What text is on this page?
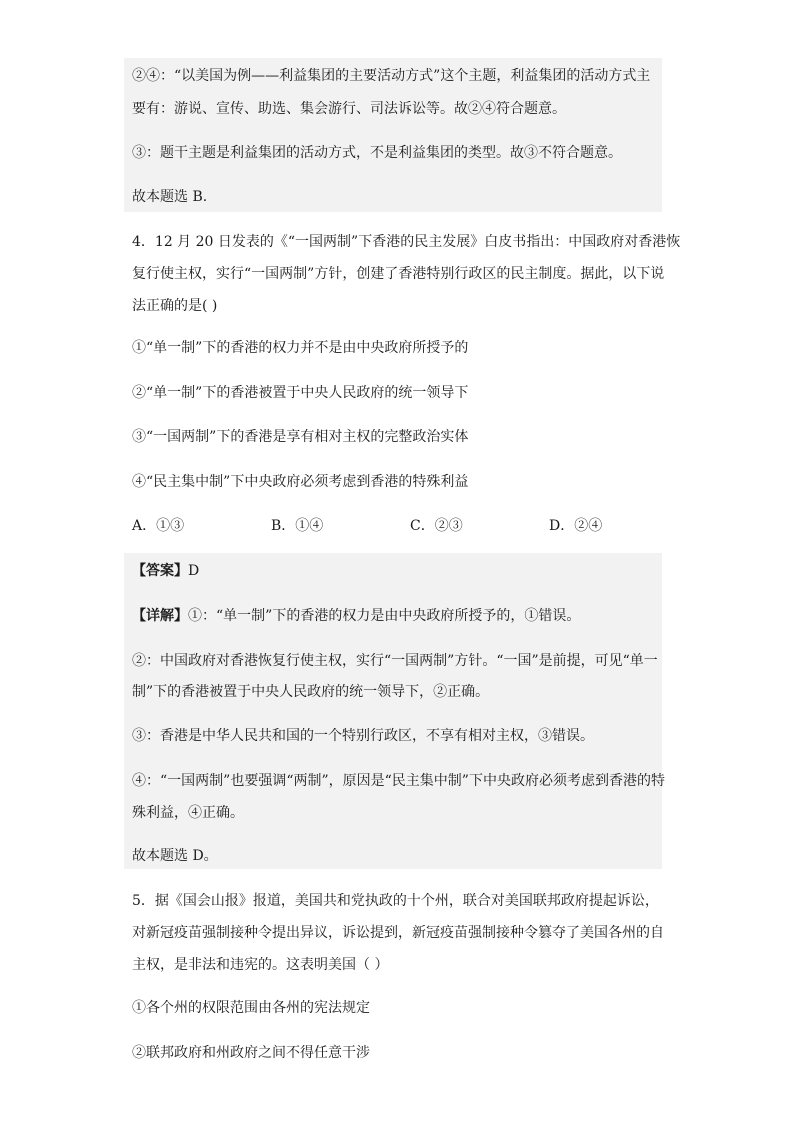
②④：“以美国为例——利益集团的主要活动方式”这个主题，利益集团的活动方式主
要有：游说、宣传、助选、集会游行、司法诉讼等。故②④符合题意。
③：题干主题是利益集团的活动方式，不是利益集团的类型。故③不符合题意。
故本题选 B.
4．12 月 20 日发表的《“一国两制”下香港的民主发展》白皮书指出：中国政府对香港恢
复行使主权，实行“一国两制”方针，创建了香港特别行政区的民主制度。据此，以下说
法正确的是( )
①“单一制”下的香港的权力并不是由中央政府所授予的
②“单一制”下的香港被置于中央人民政府的统一领导下
③“一国两制”下的香港是享有相对主权的完整政治实体
④“民主集中制”下中央政府必须考虑到香港的特殊利益
A．①③	B．①④	C．②③	D．②④
【答案】D
【详解】①：“单一制”下的香港的权力是由中央政府所授予的，①错误。
②：中国政府对香港恢复行使主权，实行“一国两制”方针。“一国”是前提，可见“单一
制”下的香港被置于中央人民政府的统一领导下，②正确。
③：香港是中华人民共和国的一个特别行政区，不享有相对主权，③错误。
④：“一国两制”也要强调“两制”，原因是“民主集中制”下中央政府必须考虑到香港的特
殊利益，④正确。
故本题选 D。
5．据《国会山报》报道，美国共和党执政的十个州，联合对美国联邦政府提起诉讼，
对新冠疫苗强制接种令提出异议，诉讼提到，新冠疫苗强制接种令篡夺了美国各州的自
主权，是非法和违宪的。这表明美国（ ）
①各个州的权限范围由各州的宪法规定
②联邦政府和州政府之间不得任意干涉
